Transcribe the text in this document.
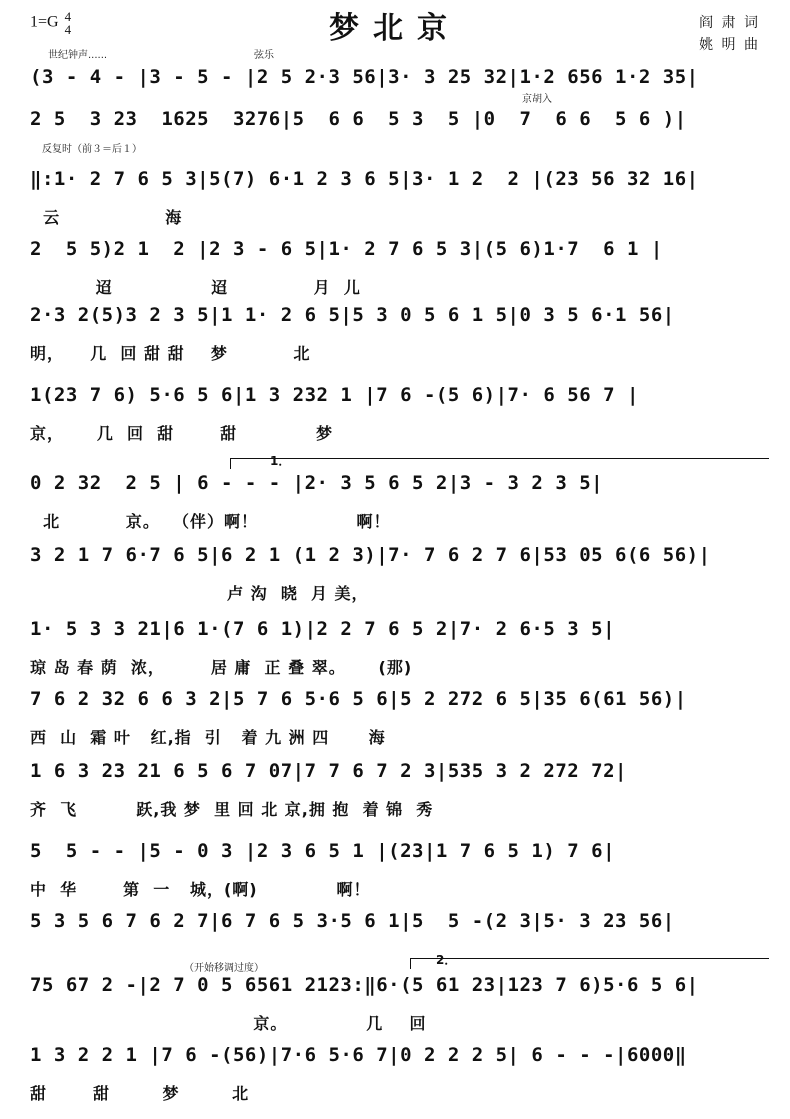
1=G 4
4	梦北京	阎 肃 词
姚 明 曲
世纪钟声......	弦乐
京胡入
反复时（前３＝后１）
（开始移调过度）
1．
2．
(3 - 4 - |3 - 5 - |2 5 2·3 56|3· 3 25 32|1·2 656 1·2 35|
2 5  3 23  1625  3276|5  6 6  5 3  5 |0  7  6 6  5 6 )|
‖:1· 2 7 6 5 3|5(7) 6·1 2 3 6 5|3· 1 2  2 |(23 56 32 16|
云                海
2  5 5)2 1  2 |2 3 - 6 5|1· 2 7 6 5 3|(5 6)1·7  6 1 |
迢               迢             月  儿
2·3 2(5)3 2 3 5|1 1· 2 6 5|5 3 0 5 6 1 5|0 3 5 6·1 56|
明，    几  回 甜 甜    梦          北
1(23 7 6) 5·6 5 6|1 3 232 1 |7 6 -(5 6)|7· 6 56 7 |
京，     几  回  甜       甜            梦
0 2 32  2 5 | 6 - - - |2· 3 5 6 5 2|3 - 3 2 3 5|
北          京。  （伴）啊！               啊！
3 2 1 7 6·7 6 5|6 2 1 (1 2 3)|7· 7 6 2 7 6|53 05 6(6 56)|
卢 沟  晓  月 美，
1· 5 3 3 21|6 1·(7 6 1)|2 2 7 6 5 2|7· 2 6·5 3 5|
琼 岛 春 荫  浓，       居 庸  正 叠 翠。     (那)
7 6 2 32 6 6 3 2|5 7 6 5·6 5 6|5 2 272 6 5|35 6(61 56)|
西  山  霜 叶   红,指  引   着 九 洲 四      海
1 6 3 23 21 6 5 6 7 07|7 7 6 7 2 3|535 3 2 272 72|
齐  飞         跃,我 梦  里 回 北 京,拥 抱  着 锦  秀
5  5 - - |5 - 0 3 |2 3 6 5 1 |(23|1 7 6 5 1) 7 6|
中  华       第  一   城，(啊)            啊！
5 3 5 6 7 6 2 7|6 7 6 5 3·5 6 1|5  5 -(2 3|5· 3 23 56|
75 67 2 -|2 7 0 5 6561 2123:‖6·(5 61 23|123 7 6)5·6 5 6|
京。            几    回
1 3 2 2 1 |7 6 -(56)|7·6 5·6 7|0 2 2 2 5| 6 - - -|6000‖
甜       甜        梦        北
